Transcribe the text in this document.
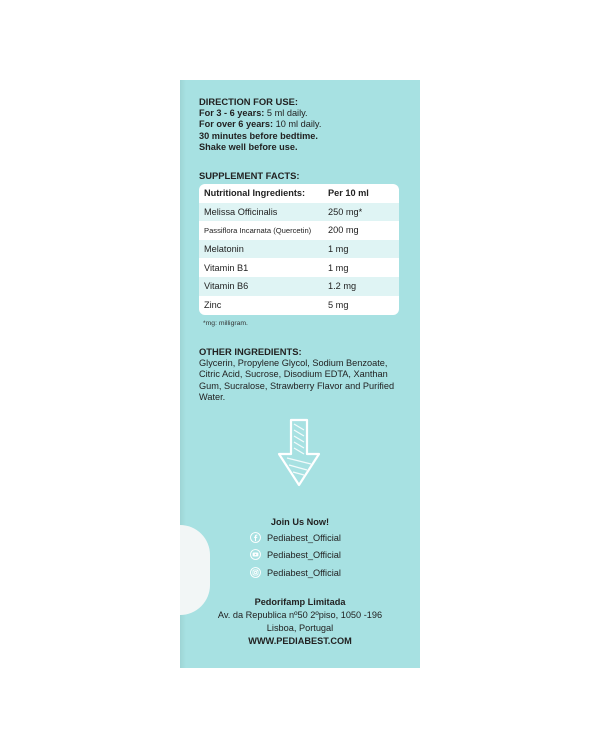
DIRECTION FOR USE:
For 3 - 6 years: 5 ml daily.
For over 6 years: 10 ml daily.
30 minutes before bedtime.
Shake well before use.
SUPPLEMENT FACTS:
Nutritional Ingredients:	Per 10 ml
Melissa Officinalis	250 mg*
Passiflora Incarnata (Quercetin)	200 mg
Melatonin	1 mg
Vitamin B1	1 mg
Vitamin B6	1.2 mg
Zinc	5 mg
*mg: milligram.
OTHER INGREDIENTS:
Glycerin, Propylene Glycol, Sodium Benzoate,
Citric Acid, Sucrose, Disodium EDTA, Xanthan
Gum, Sucralose, Strawberry Flavor and Purified
Water.
Join Us Now!
Pediabest_Official
Pediabest_Official
Pediabest_Official
Pedorifamp Limitada
Av. da Republica nº50 2ºpiso, 1050 -196
Lisboa, Portugal
WWW.PEDIABEST.COM
